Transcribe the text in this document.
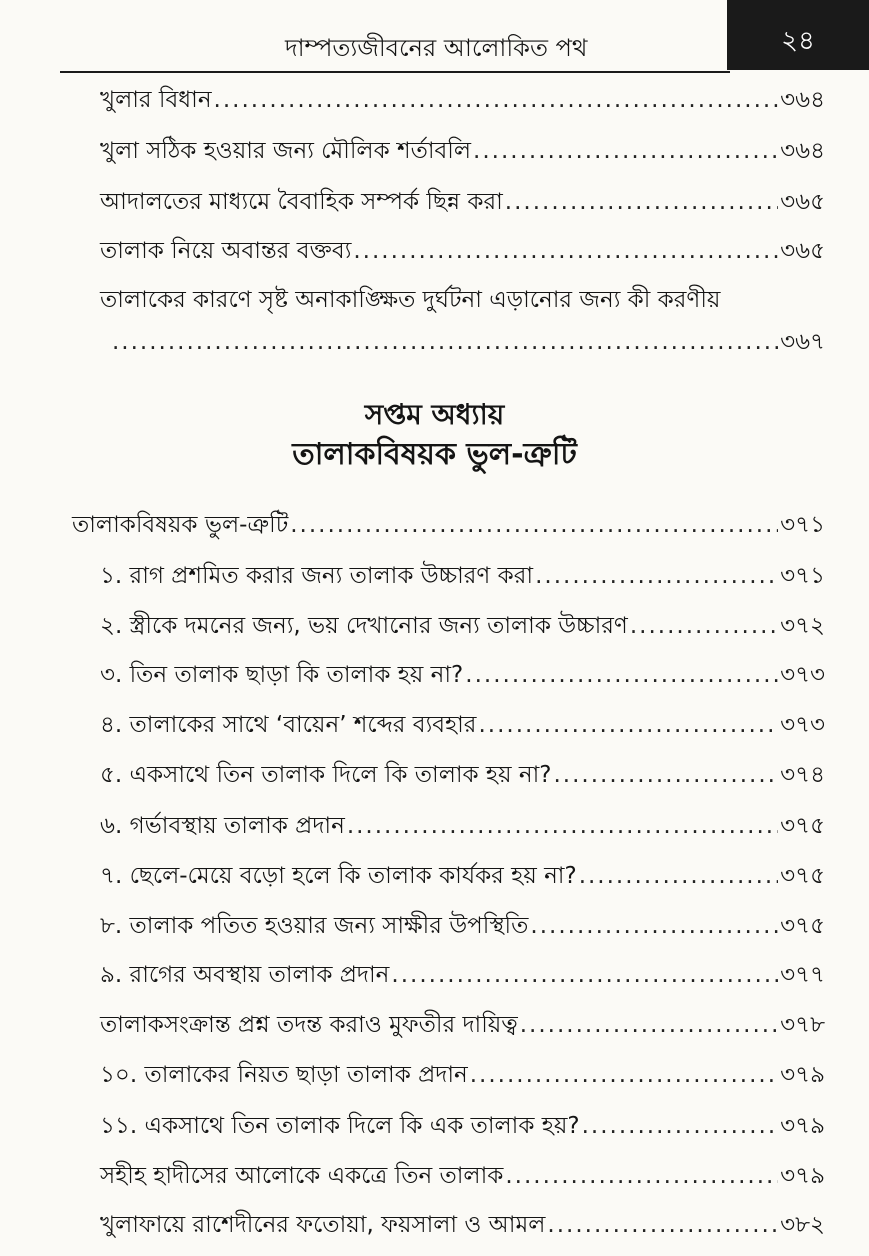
দাম্পত্যজীবনের আলোকিত পথ	২৪
খুলার বিধান .....	৩৬৪
খুলা সঠিক হওয়ার জন্য মৌলিক শর্তাবলি .....	৩৬৪
আদালতের মাধ্যমে বৈবাহিক সম্পর্ক ছিন্ন করা .....	৩৬৫
তালাক নিয়ে অবান্তর বক্তব্য .....	৩৬৫
তালাকের কারণে সৃষ্ট অনাকাঙ্ক্ষিত দুর্ঘটনা এড়ানোর জন্য কী করণীয়
.....
৩৬৭
সপ্তম অধ্যায়
তালাকবিষয়ক ভুল-ত্রুটি
তালাকবিষয়ক ভুল-ত্রুটি .....	৩৭১
১. রাগ প্রশমিত করার জন্য তালাক উচ্চারণ করা .....	৩৭১
২. স্ত্রীকে দমনের জন্য, ভয় দেখানোর জন্য তালাক উচ্চারণ .....	৩৭২
৩. তিন তালাক ছাড়া কি তালাক হয় না? .....	৩৭৩
৪. তালাকের সাথে ‘বায়েন’ শব্দের ব্যবহার .....	৩৭৩
৫. একসাথে তিন তালাক দিলে কি তালাক হয় না? .....	৩৭৪
৬. গর্ভাবস্থায় তালাক প্রদান .....	৩৭৫
৭. ছেলে-মেয়ে বড়ো হলে কি তালাক কার্যকর হয় না? .....	৩৭৫
৮. তালাক পতিত হওয়ার জন্য সাক্ষীর উপস্থিতি .....	৩৭৫
৯. রাগের অবস্থায় তালাক প্রদান .....	৩৭৭
তালাকসংক্রান্ত প্রশ্ন তদন্ত করাও মুফতীর দায়িত্ব .....	৩৭৮
১০. তালাকের নিয়ত ছাড়া তালাক প্রদান .....	৩৭৯
১১. একসাথে তিন তালাক দিলে কি এক তালাক হয়? .....	৩৭৯
সহীহ হাদীসের আলোকে একত্রে তিন তালাক .....	৩৭৯
খুলাফায়ে রাশেদীনের ফতোয়া, ফয়সালা ও আমল .....	৩৮২
